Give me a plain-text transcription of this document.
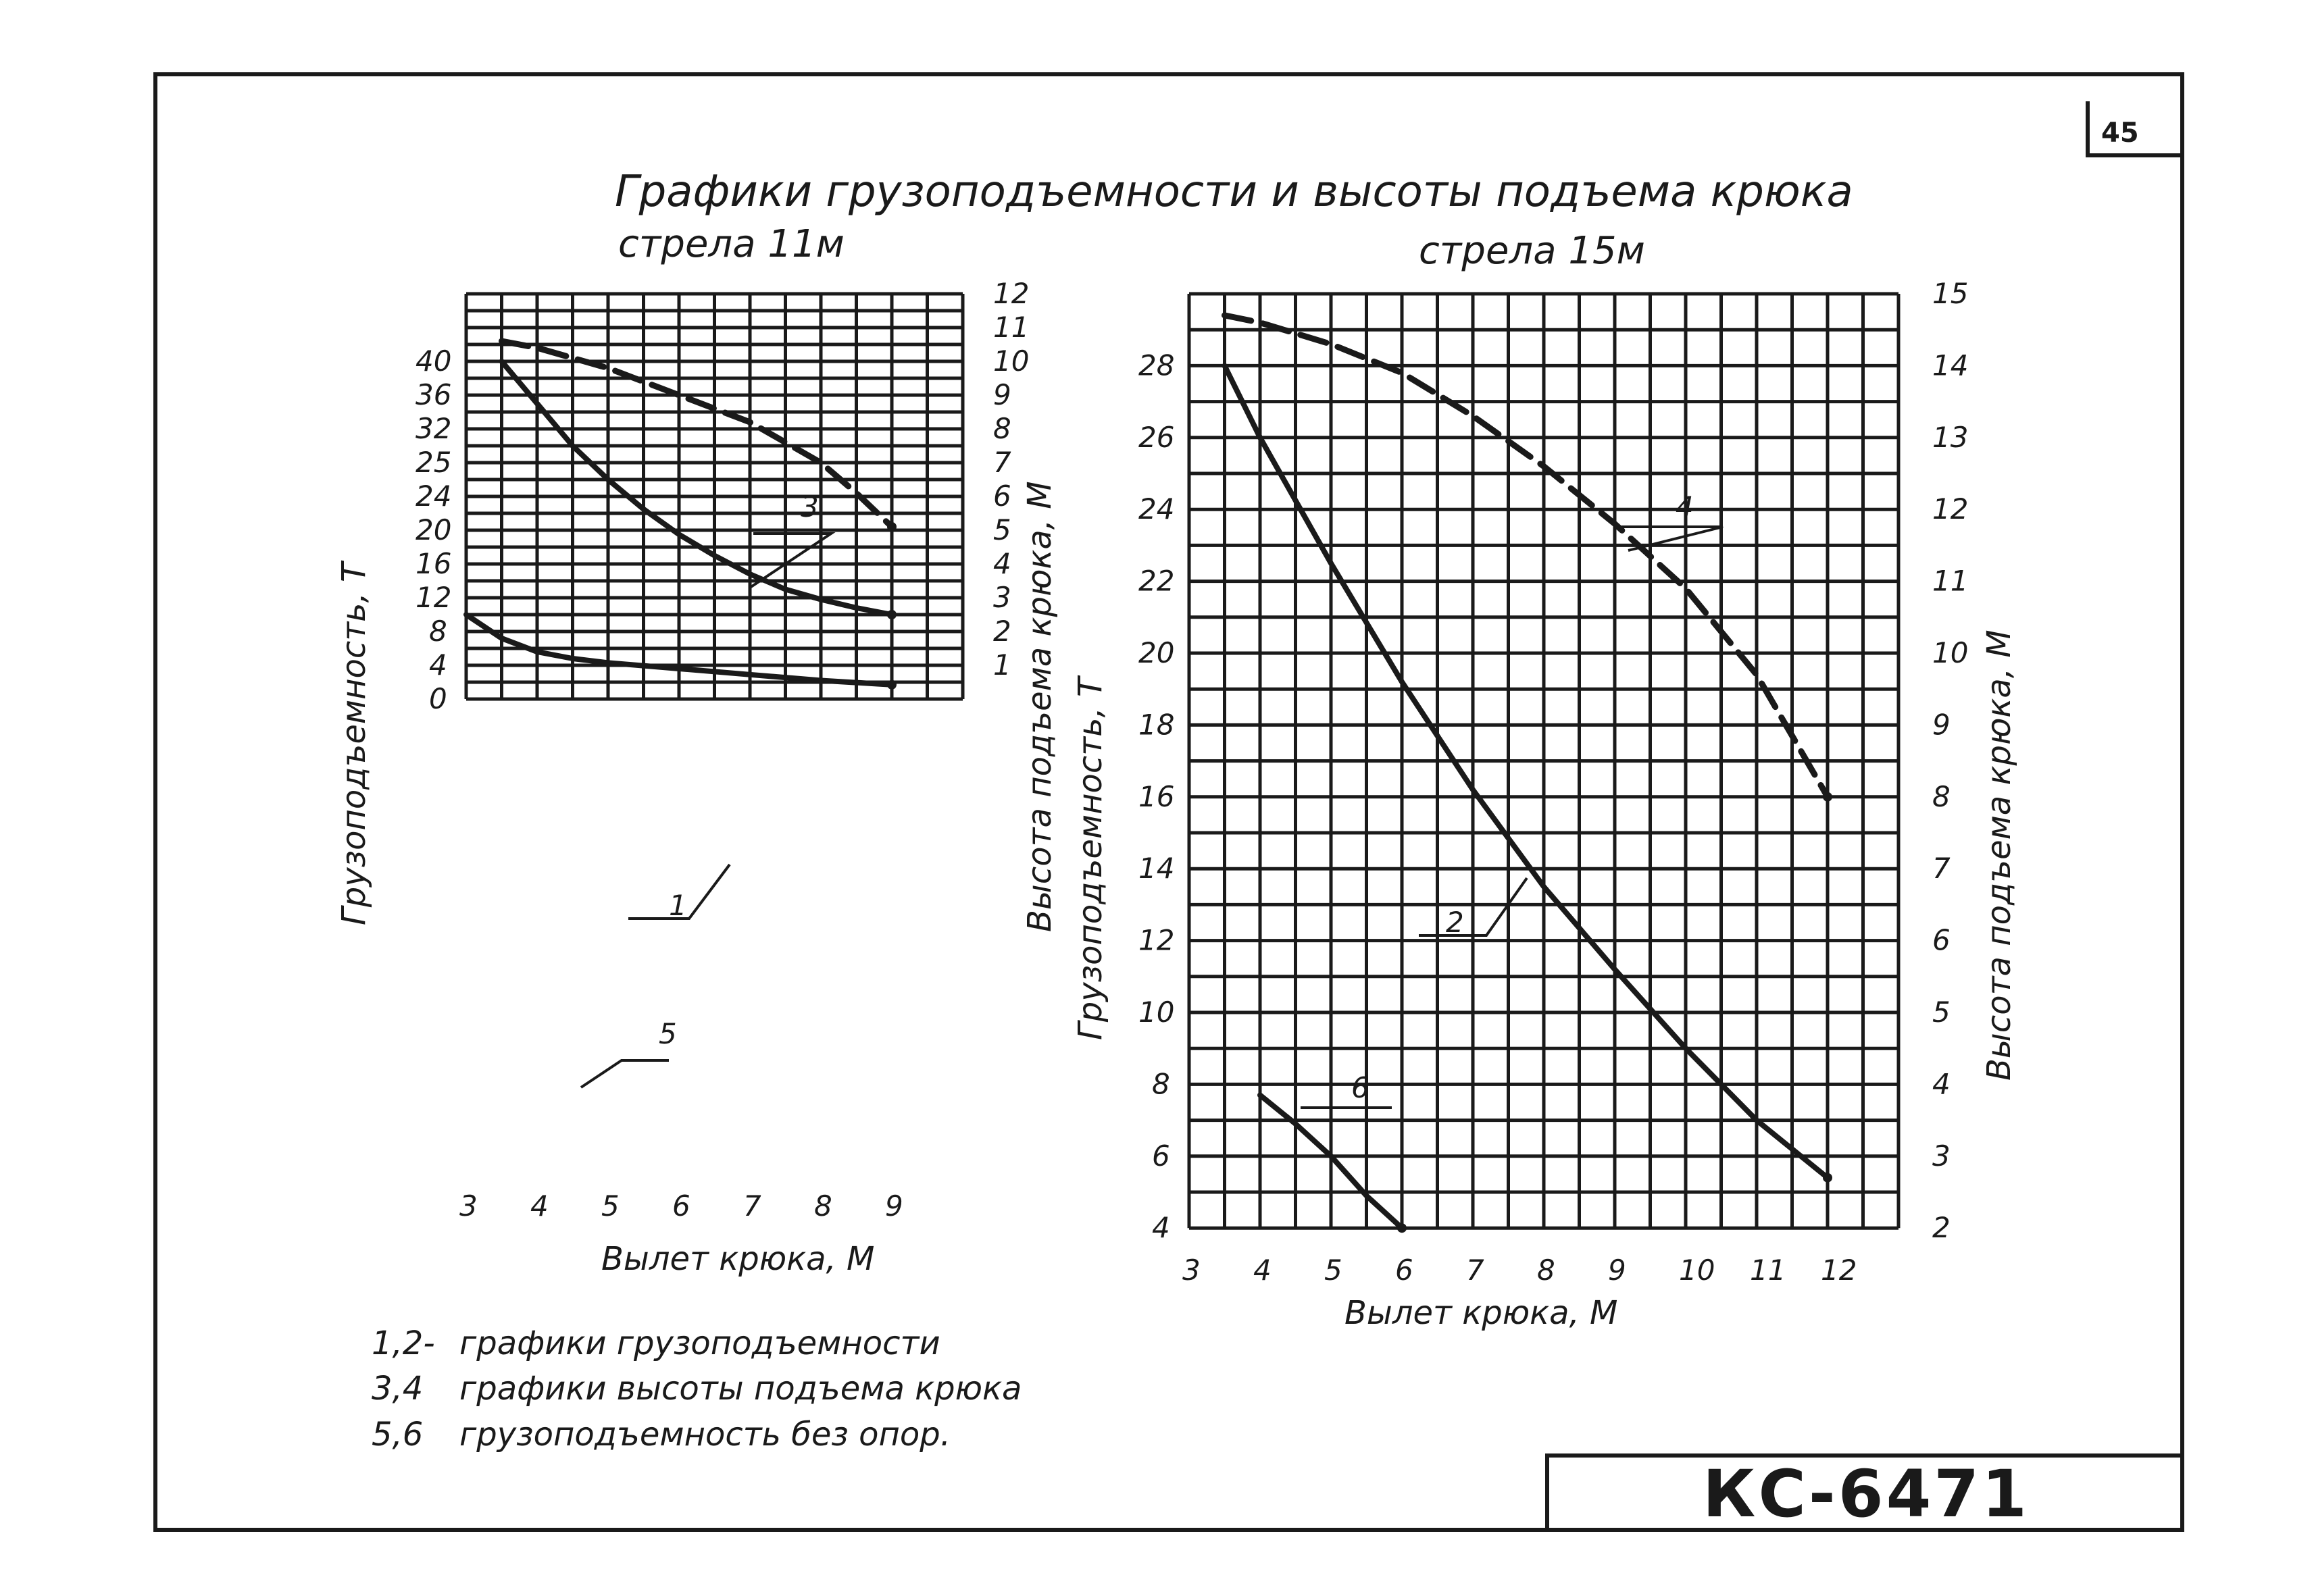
45
Графики грузоподъемности и высоты подъема крюка
стрела 11м	стрела 15м
3 4 5 6 7 8 9
0
4
8
12
16
20
24
25
32
36
40
1
2
3
4
5
6
7
8
9
10
11
12
Вылет крюка, М
Грузоподъемность, Т	Высота подъема крюка, М
1
3
5
3 4 5 6 7 8 9 10 11 12
4
6
8
10
12
14
16
18
20
22
24
26
28
2
3
4
5
6
7
8
9
10
11
12
13
14
15
Вылет крюка, М
Грузоподъемность, Т	Высота подъема крюка, М
2
4
6
1,2- графики грузоподъемности
3,4 графики высоты подъема крюка
5,6 грузоподъемность без опор.
КС-6471
